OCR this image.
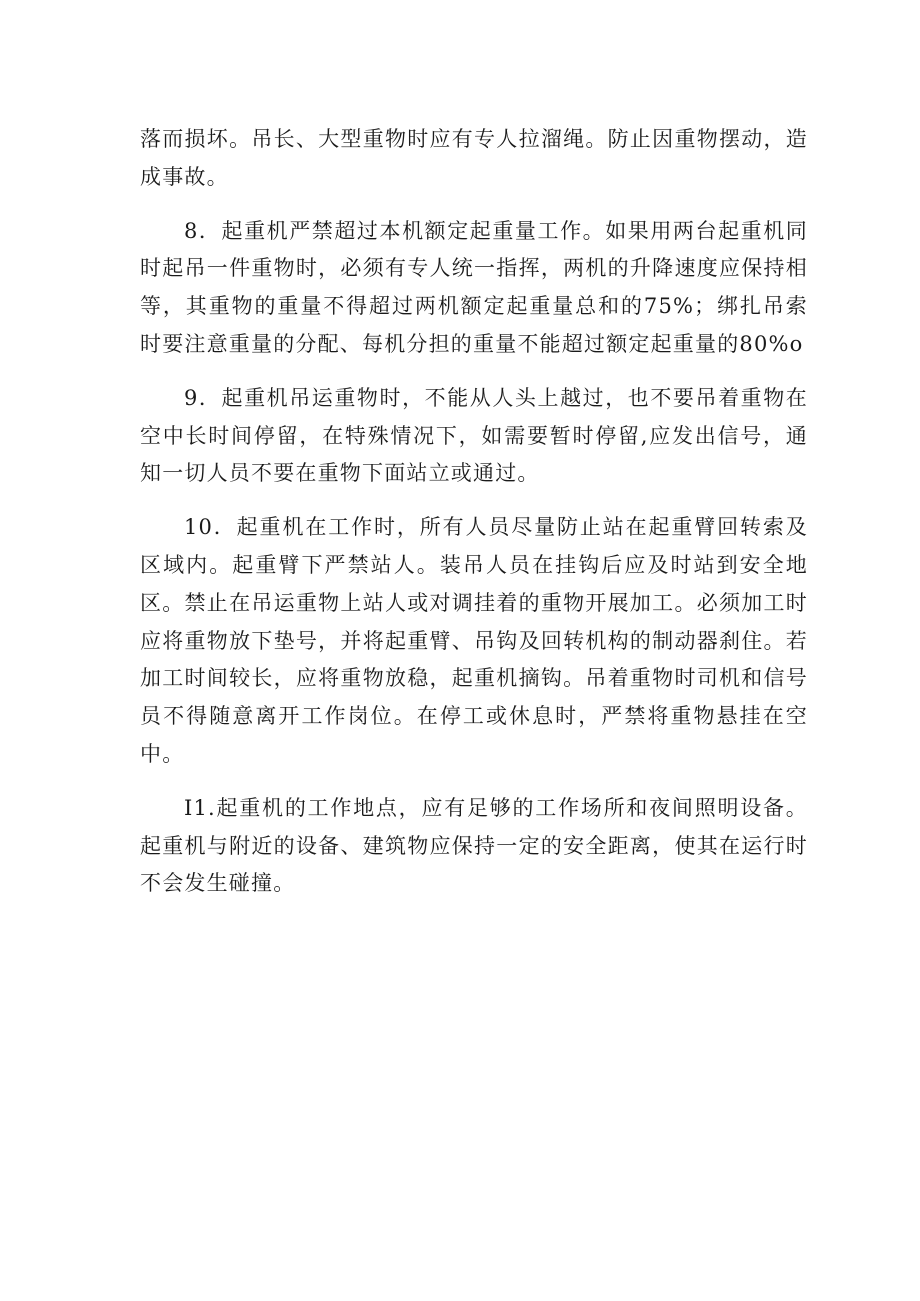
落而损坏。吊长、大型重物时应有专人拉溜绳。防止因重物摆动，造成事故。

8．起重机严禁超过本机额定起重量工作。如果用两台起重机同时起吊一件重物时，必须有专人统一指挥，两机的升降速度应保持相等，其重物的重量不得超过两机额定起重量总和的75%；绑扎吊索时要注意重量的分配、每机分担的重量不能超过额定起重量的80%o

9．起重机吊运重物时，不能从人头上越过，也不要吊着重物在空中长时间停留，在特殊情况下，如需要暂时停留,应发出信号，通知一切人员不要在重物下面站立或通过。

10．起重机在工作时，所有人员尽量防止站在起重臂回转索及区域内。起重臂下严禁站人。装吊人员在挂钩后应及时站到安全地区。禁止在吊运重物上站人或对调挂着的重物开展加工。必须加工时应将重物放下垫号，并将起重臂、吊钩及回转机构的制动器刹住。若加工时间较长，应将重物放稳，起重机摘钩。吊着重物时司机和信号员不得随意离开工作岗位。在停工或休息时，严禁将重物悬挂在空中。

I1.起重机的工作地点，应有足够的工作场所和夜间照明设备。起重机与附近的设备、建筑物应保持一定的安全距离，使其在运行时不会发生碰撞。
